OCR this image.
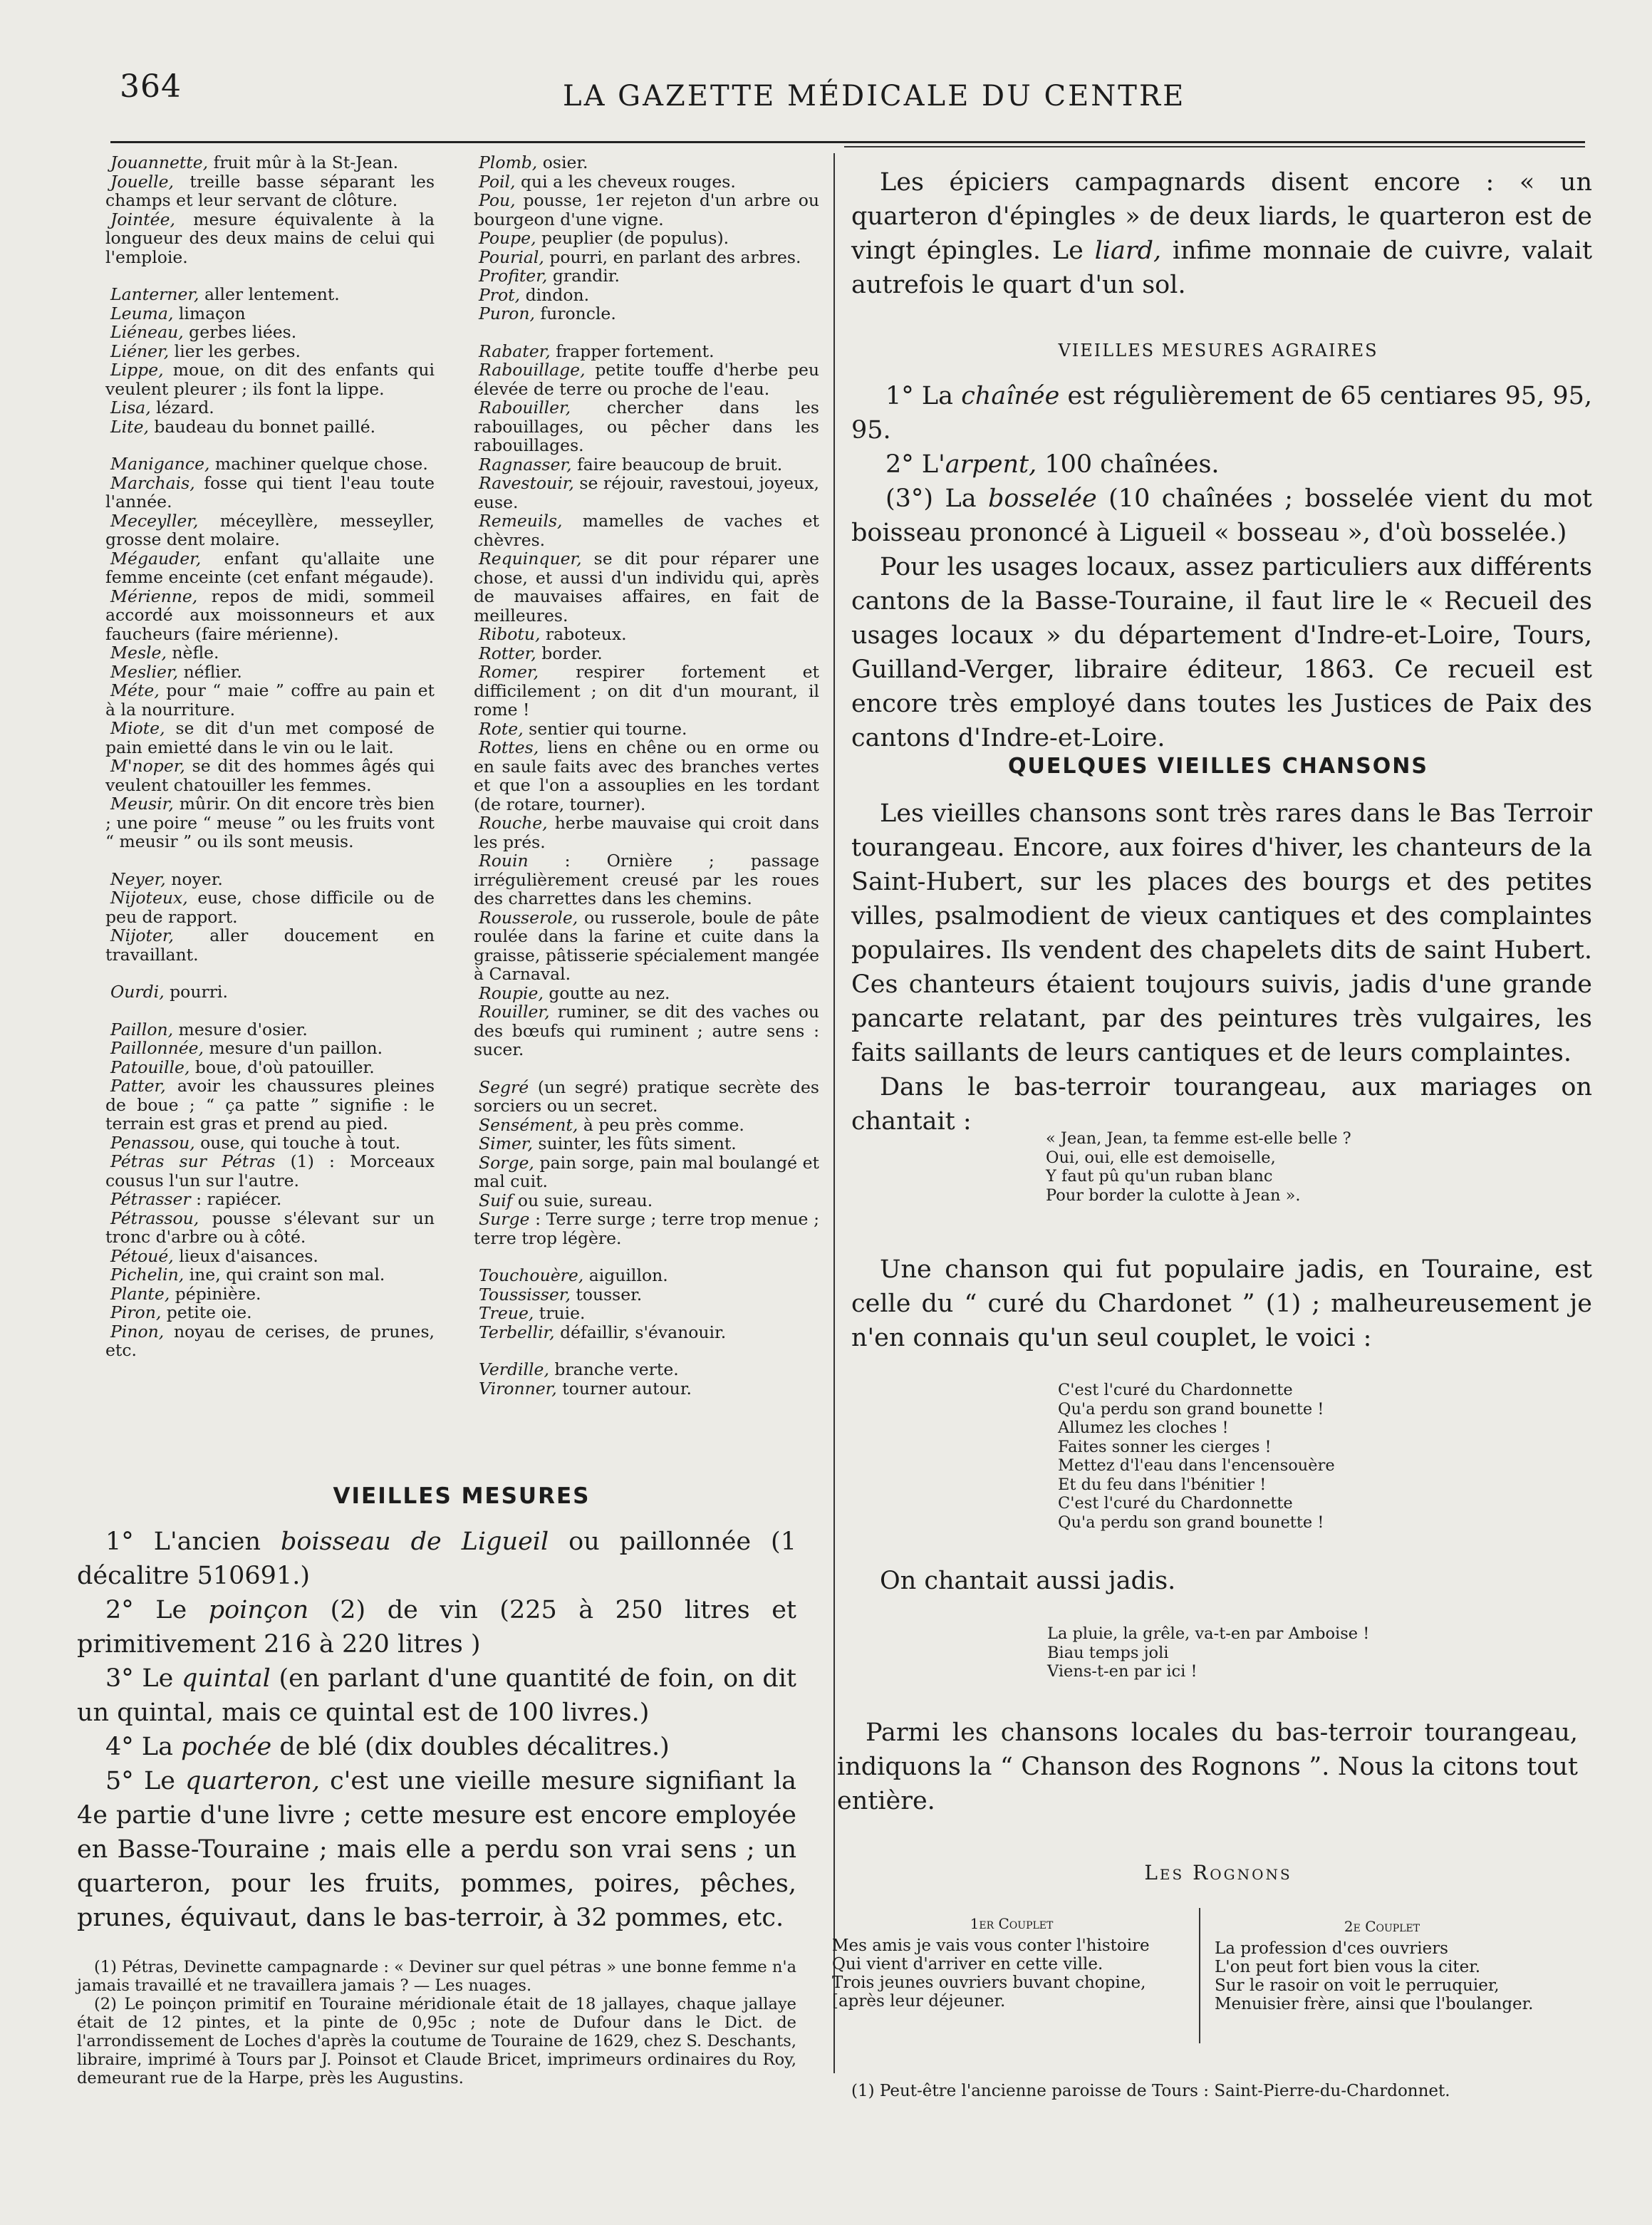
364	LA GAZETTE MÉDICALE DU CENTRE

Jouannette, fruit mûr à la St-Jean.

Jouelle, treille basse séparant les champs et leur servant de clôture.

Jointée, mesure équivalente à la longueur des deux mains de celui qui l'emploie.

Lanterner, aller lentement.

Leuma, limaçon

Liéneau, gerbes liées.

Liéner, lier les gerbes.

Lippe, moue, on dit des enfants qui veulent pleurer ; ils font la lippe.

Lisa, lézard.

Lite, baudeau du bonnet paillé.

Manigance, machiner quelque chose.

Marchais, fosse qui tient l'eau toute l'année.

Meceyller, méceyllère, messeyller, grosse dent molaire.

Mégauder, enfant qu'allaite une femme enceinte (cet enfant mégaude).

Mérienne, repos de midi, sommeil accordé aux moissonneurs et aux faucheurs (faire mérienne).

Mesle, nèfle.

Meslier, néflier.

Méte, pour “ maie ” coffre au pain et à la nourriture.

Miote, se dit d'un met composé de pain emietté dans le vin ou le lait.

M'noper, se dit des hommes âgés qui veulent chatouiller les femmes.

Meusir, mûrir. On dit encore très bien ; une poire “ meuse ” ou les fruits vont “ meusir ” ou ils sont meusis.

Neyer, noyer.

Nijoteux, euse, chose difficile ou de peu de rapport.

Nijoter, aller doucement en travaillant.

Ourdi, pourri.

Paillon, mesure d'osier.

Paillonnée, mesure d'un paillon.

Patouille, boue, d'où patouiller.

Patter, avoir les chaussures pleines de boue ; “ ça patte ” signifie : le terrain est gras et prend au pied.

Penassou, ouse, qui touche à tout.

Pétras sur Pétras (1) : Morceaux cousus l'un sur l'autre.

Pétrasser : rapiécer.

Pétrassou, pousse s'élevant sur un tronc d'arbre ou à côté.

Pétoué, lieux d'aisances.

Pichelin, ine, qui craint son mal.

Plante, pépinière.

Piron, petite oie.

Pinon, noyau de cerises, de prunes, etc.

Plomb, osier.

Poil, qui a les cheveux rouges.

Pou, pousse, 1er rejeton d'un arbre ou bourgeon d'une vigne.

Poupe, peuplier (de populus).

Pourial, pourri, en parlant des arbres.

Profiter, grandir.

Prot, dindon.

Puron, furoncle.

Rabater, frapper fortement.

Rabouillage, petite touffe d'herbe peu élevée de terre ou proche de l'eau.

Rabouiller, chercher dans les rabouillages, ou pêcher dans les rabouillages.

Ragnasser, faire beaucoup de bruit.

Ravestouir, se réjouir, ravestoui, joyeux, euse.

Remeuils, mamelles de vaches et chèvres.

Requinquer, se dit pour réparer une chose, et aussi d'un individu qui, après de mauvaises affaires, en fait de meilleures.

Ribotu, raboteux.

Rotter, border.

Romer, respirer fortement et difficilement ; on dit d'un mourant, il rome !

Rote, sentier qui tourne.

Rottes, liens en chêne ou en orme ou en saule faits avec des branches vertes et que l'on a assouplies en les tordant (de rotare, tourner).

Rouche, herbe mauvaise qui croit dans les prés.

Rouin : Ornière ; passage irrégulièrement creusé par les roues des charrettes dans les chemins.

Rousserole, ou russerole, boule de pâte roulée dans la farine et cuite dans la graisse, pâtisserie spécialement mangée à Carnaval.

Roupie, goutte au nez.

Rouiller, ruminer, se dit des vaches ou des bœufs qui ruminent ; autre sens : sucer.

Segré (un segré) pratique secrète des sorciers ou un secret.

Sensément, à peu près comme.

Simer, suinter, les fûts siment.

Sorge, pain sorge, pain mal boulangé et mal cuit.

Suif ou suie, sureau.

Surge : Terre surge ; terre trop menue ; terre trop légère.

Touchouère, aiguillon.

Toussisser, tousser.

Treue, truie.

Terbellir, défaillir, s'évanouir.

Verdille, branche verte.

Vironner, tourner autour.

VIEILLES MESURES

1° L'ancien boisseau de Ligueil ou paillonnée (1 décalitre 510691.)

2° Le poinçon (2) de vin (225 à 250 litres et primitivement 216 à 220 litres )

3° Le quintal (en parlant d'une quantité de foin, on dit un quintal, mais ce quintal est de 100 livres.)

4° La pochée de blé (dix doubles décalitres.)

5° Le quarteron, c'est une vieille mesure signifiant la 4e partie d'une livre ; cette mesure est encore employée en Basse-Touraine ; mais elle a perdu son vrai sens ; un quarteron, pour les fruits, pommes, poires, pêches, prunes, équivaut, dans le bas-terroir, à 32 pommes, etc.

(1) Pétras, Devinette campagnarde : « Deviner sur quel pétras » une bonne femme n'a jamais travaillé et ne travaillera jamais ? — Les nuages.

(2) Le poinçon primitif en Touraine méridionale était de 18 jallayes, chaque jallaye était de 12 pintes, et la pinte de 0,95c ; note de Dufour dans le Dict. de l'arrondissement de Loches d'après la coutume de Touraine de 1629, chez S. Deschants, libraire, imprimé à Tours par J. Poinsot et Claude Bricet, imprimeurs ordinaires du Roy, demeurant rue de la Harpe, près les Augustins.

Les épiciers campagnards disent encore : « un quarteron d'épingles » de deux liards, le quarteron est de vingt épingles. Le liard, infime monnaie de cuivre, valait autrefois le quart d'un sol.

VIEILLES MESURES AGRAIRES

1° La chaînée est régulièrement de 65 centiares 95, 95, 95.

2° L'arpent, 100 chaînées.

(3°) La bosselée (10 chaînées ; bosselée vient du mot boisseau prononcé à Ligueil « bosseau », d'où bosselée.)

Pour les usages locaux, assez particuliers aux différents cantons de la Basse-Touraine, il faut lire le « Recueil des usages locaux » du département d'Indre-et-Loire, Tours, Guilland-Verger, libraire éditeur, 1863. Ce recueil est encore très employé dans toutes les Justices de Paix des cantons d'Indre-et-Loire.

QUELQUES VIEILLES CHANSONS

Les vieilles chansons sont très rares dans le Bas Terroir tourangeau. Encore, aux foires d'hiver, les chanteurs de la Saint-Hubert, sur les places des bourgs et des petites villes, psalmodient de vieux cantiques et des complaintes populaires. Ils vendent des chapelets dits de saint Hubert. Ces chanteurs étaient toujours suivis, jadis d'une grande pancarte relatant, par des peintures très vulgaires, les faits saillants de leurs cantiques et de leurs complaintes.

Dans le bas-terroir tourangeau, aux mariages on chantait :

« Jean, Jean, ta femme est-elle belle ?
Oui, oui, elle est demoiselle,
Y faut pû qu'un ruban blanc
Pour border la culotte à Jean ».

Une chanson qui fut populaire jadis, en Touraine, est celle du “ curé du Chardonet ” (1) ; malheureusement je n'en connais qu'un seul couplet, le voici :

C'est l'curé du Chardonnette
Qu'a perdu son grand bounette !
Allumez les cloches !
Faites sonner les cierges !
Mettez d'l'eau dans l'encensouère
Et du feu dans l'bénitier !
C'est l'curé du Chardonnette
Qu'a perdu son grand bounette !

On chantait aussi jadis.

La pluie, la grêle, va-t-en par Amboise !
Biau temps joli
Viens-t-en par ici !

Parmi les chansons locales du bas-terroir tourangeau, indiquons la “ Chanson des Rognons ”. Nous la citons tout entière.

Les Rognons
1er Couplet
Mes amis je vais vous conter l'histoire
Qui vient d'arriver en cette ville.
Trois jeunes ouvriers buvant chopine,
[après leur déjeuner.
2e Couplet
La profession d'ces ouvriers
L'on peut fort bien vous la citer.
Sur le rasoir on voit le perruquier,
Menuisier frère, ainsi que l'boulanger.
(1) Peut-être l'ancienne paroisse de Tours : Saint-Pierre-du-Chardonnet.
